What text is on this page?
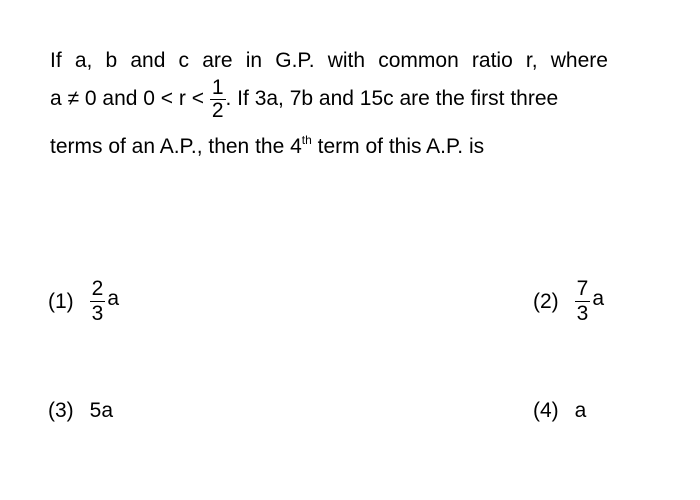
If a, b and c are in G.P. with common ratio r, where
a ≠ 0 and $0 < r < \frac{1}{2}$ . If 3a, 7b and 15c are the first three
terms of an A.P., then the 4th term of this A.P. is
$(1) \frac{2}{3}$ a	$(2) \frac{7}{3}$ a
(3) 5a	(4) a
